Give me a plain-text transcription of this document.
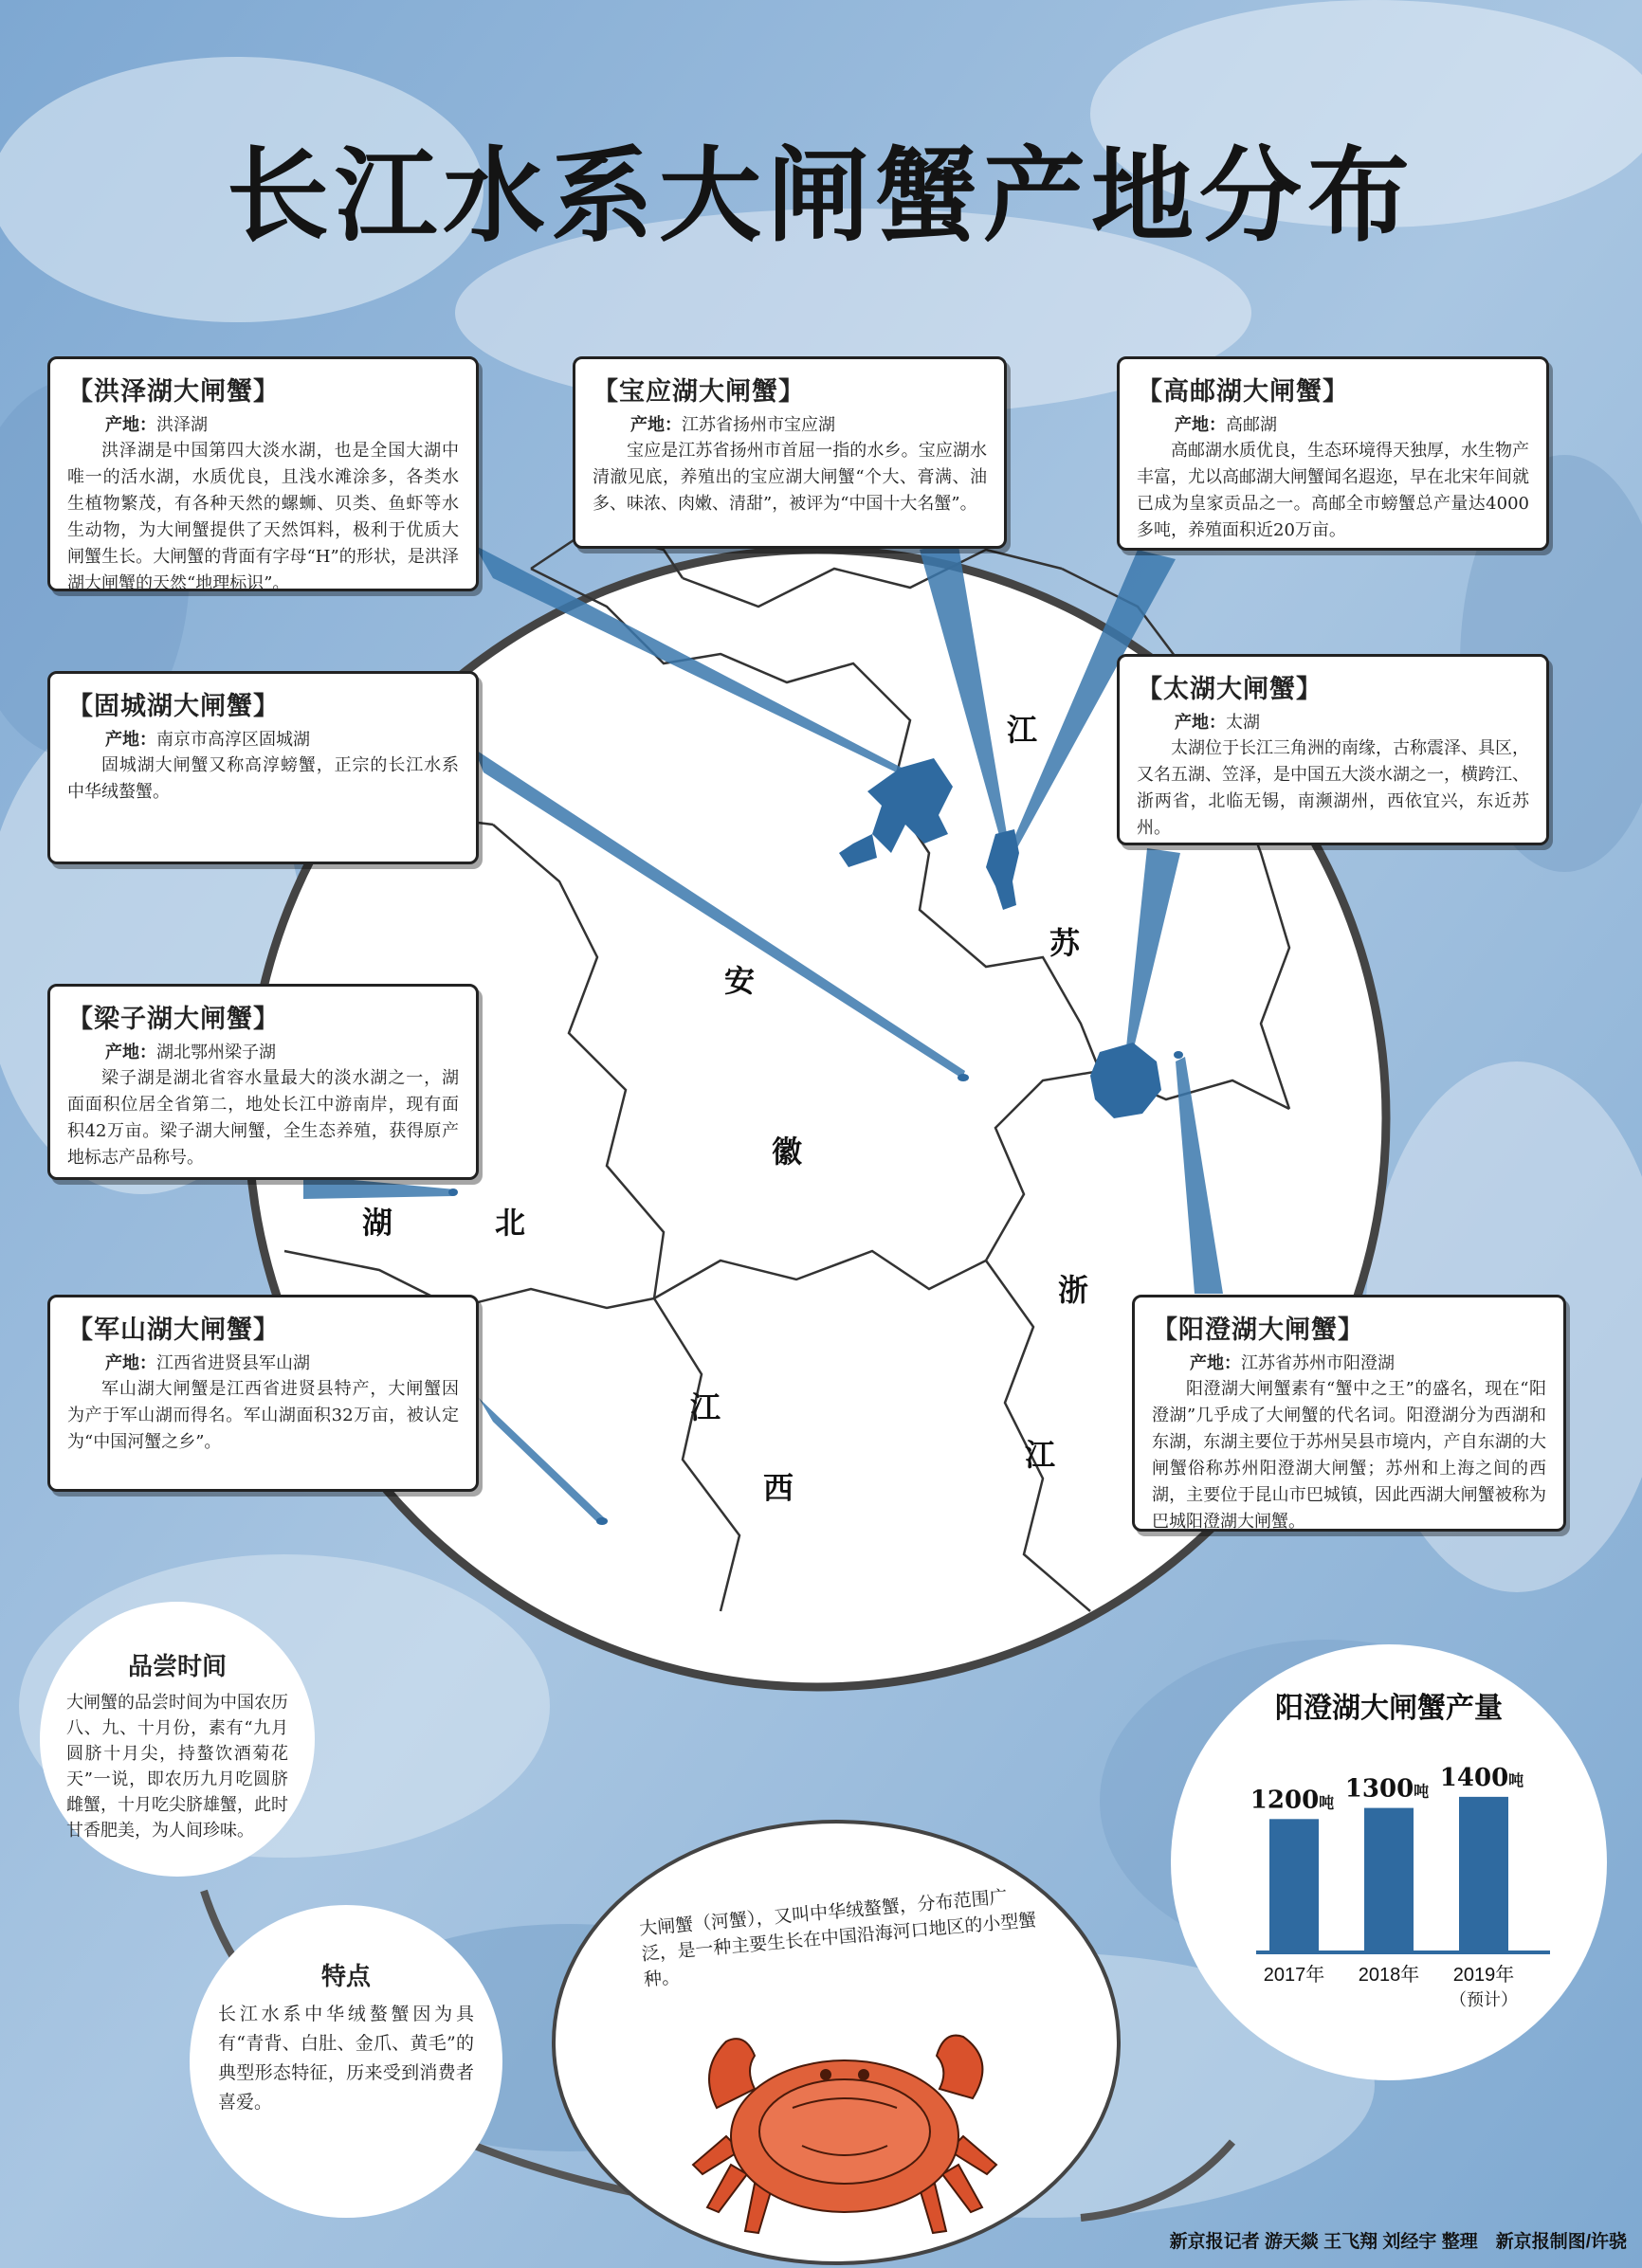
长江水系大闸蟹产地分布
江
苏
安
徽
湖	北
浙
江
江
西
【洪泽湖大闸蟹】

产地：洪泽湖

洪泽湖是中国第四大淡水湖，也是全国大湖中唯一的活水湖，水质优良，且浅水滩涂多，各类水生植物繁茂，有各种天然的螺蛳、贝类、鱼虾等水生动物，为大闸蟹提供了天然饵料，极利于优质大闸蟹生长。大闸蟹的背面有字母“H”的形状，是洪泽湖大闸蟹的天然“地理标识”。

【宝应湖大闸蟹】

产地：江苏省扬州市宝应湖

宝应是江苏省扬州市首屈一指的水乡。宝应湖水清澈见底，养殖出的宝应湖大闸蟹“个大、膏满、油多、味浓、肉嫩、清甜”，被评为“中国十大名蟹”。

【高邮湖大闸蟹】

产地：高邮湖

高邮湖水质优良，生态环境得天独厚，水生物产丰富，尤以高邮湖大闸蟹闻名遐迩，早在北宋年间就已成为皇家贡品之一。高邮全市螃蟹总产量达4000多吨，养殖面积近20万亩。

【太湖大闸蟹】

产地：太湖

太湖位于长江三角洲的南缘，古称震泽、具区，又名五湖、笠泽，是中国五大淡水湖之一，横跨江、浙两省，北临无锡，南濒湖州，西依宜兴，东近苏州。

【固城湖大闸蟹】

产地：南京市高淳区固城湖

固城湖大闸蟹又称高淳螃蟹，正宗的长江水系中华绒螯蟹。

【梁子湖大闸蟹】

产地：湖北鄂州梁子湖

梁子湖是湖北省容水量最大的淡水湖之一，湖面面积位居全省第二，地处长江中游南岸，现有面积42万亩。梁子湖大闸蟹，全生态养殖，获得原产地标志产品称号。

【军山湖大闸蟹】

产地：江西省进贤县军山湖

军山湖大闸蟹是江西省进贤县特产，大闸蟹因为产于军山湖而得名。军山湖面积32万亩，被认定为“中国河蟹之乡”。

【阳澄湖大闸蟹】

产地：江苏省苏州市阳澄湖

阳澄湖大闸蟹素有“蟹中之王”的盛名，现在“阳澄湖”几乎成了大闸蟹的代名词。阳澄湖分为西湖和东湖，东湖主要位于苏州吴县市境内，产自东湖的大闸蟹俗称苏州阳澄湖大闸蟹；苏州和上海之间的西湖，主要位于昆山市巴城镇，因此西湖大闸蟹被称为巴城阳澄湖大闸蟹。

品尝时间

大闸蟹的品尝时间为中国农历八、九、十月份，素有“九月圆脐十月尖，持螯饮酒菊花天”一说，即农历九月吃圆脐雌蟹，十月吃尖脐雄蟹，此时甘香肥美，为人间珍味。

特点

长江水系中华绒螯蟹因为具有“青背、白肚、金爪、黄毛”的典型形态特征，历来受到消费者喜爱。

大闸蟹（河蟹），又叫中华绒螯蟹，分布范围广泛，是一种主要生长在中国沿海河口地区的小型蟹种。

阳澄湖大闸蟹产量
1200吨
2017年
1300吨
2018年
1400吨
2019年
（预计）
新京报记者 游天燚 王飞翔 刘经宇 整理　新京报制图/许骁
